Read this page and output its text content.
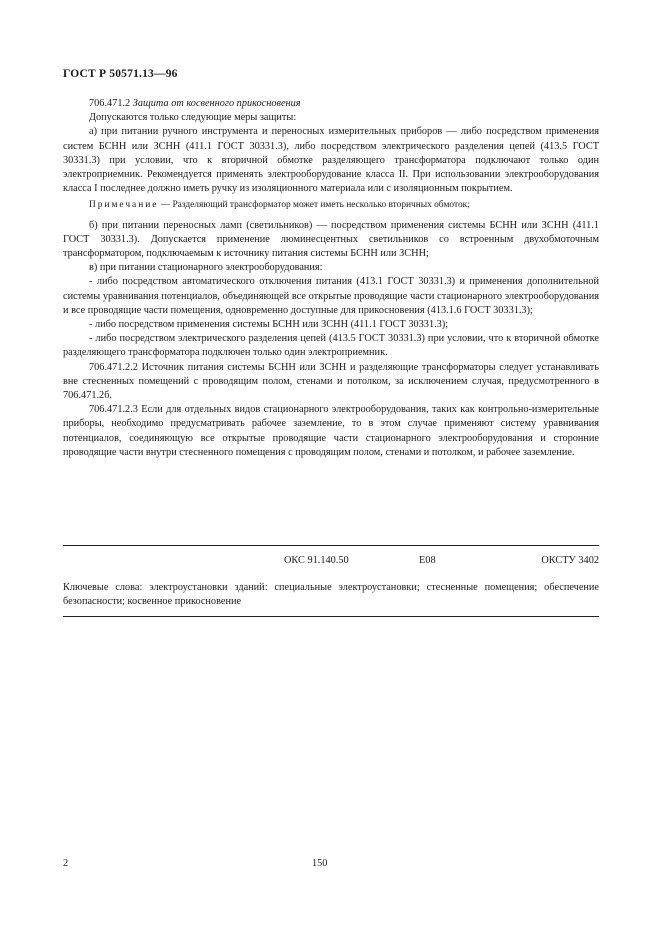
ГОСТ Р 50571.13—96

706.471.2 Защита от косвенного прикосновения

Допускаются только следующие меры защиты:

а) при питании ручного инструмента и переносных измерительных приборов — либо посредством применения систем БСНН или ЗСНН (411.1 ГОСТ 30331.3), либо посредством электрического разделения цепей (413.5 ГОСТ 30331.3) при условии, что к вторичной обмотке разделяющего трансформатора подключают только один электроприемник. Рекомендуется применять электрооборудование класса II. При использовании электрооборудования класса I последнее должно иметь ручку из изоляционного материала или с изоляционным покрытием.

Примечание — Разделяющий трансформатор может иметь несколько вторичных обмоток;

б) при питании переносных ламп (светильников) — посредством применения системы БСНН или ЗСНН (411.1 ГОСТ 30331.3). Допускается применение люминесцентных светильников со встроенным двухобмоточным трансформатором, подключаемым к источнику питания системы БСНН или ЗСНН;

в) при питании стационарного электрооборудования:

- либо посредством автоматического отключения питания (413.1 ГОСТ 30331.3) и применения дополнительной системы уравнивания потенциалов, объединяющей все открытые проводящие части стационарного электрооборудования и все проводящие части помещения, одновременно доступные для прикосновения (413.1.6 ГОСТ 30331.3);

- либо посредством применения системы БСНН или ЗСНН (411.1 ГОСТ 30331.3);

- либо посредством электрического разделения цепей (413.5 ГОСТ 30331.3) при условии, что к вторичной обмотке разделяющего трансформатора подключен только один электроприемник.

706.471.2.2 Источник питания системы БСНН или ЗСНН и разделяющие трансформаторы следует устанавливать вне стесненных помещений с проводящим полом, стенами и потолком, за исключением случая, предусмотренного в 706.471.2б.

706.471.2.3 Если для отдельных видов стационарного электрооборудования, таких как контрольно-измерительные приборы, необходимо предусматривать рабочее заземление, то в этом случае применяют систему уравнивания потенциалов, соединяющую все открытые проводящие части стационарного электрооборудования и сторонние проводящие части внутри стесненного помещения с проводящим полом, стенами и потолком, и рабочее заземление.

ОКС 91.140.50	Е08	ОКСТУ 3402
Ключевые слова: электроустановки зданий: специальные электроустановки; стесненные помещения; обеспечение безопасности; косвенное прикосновение
2	150
